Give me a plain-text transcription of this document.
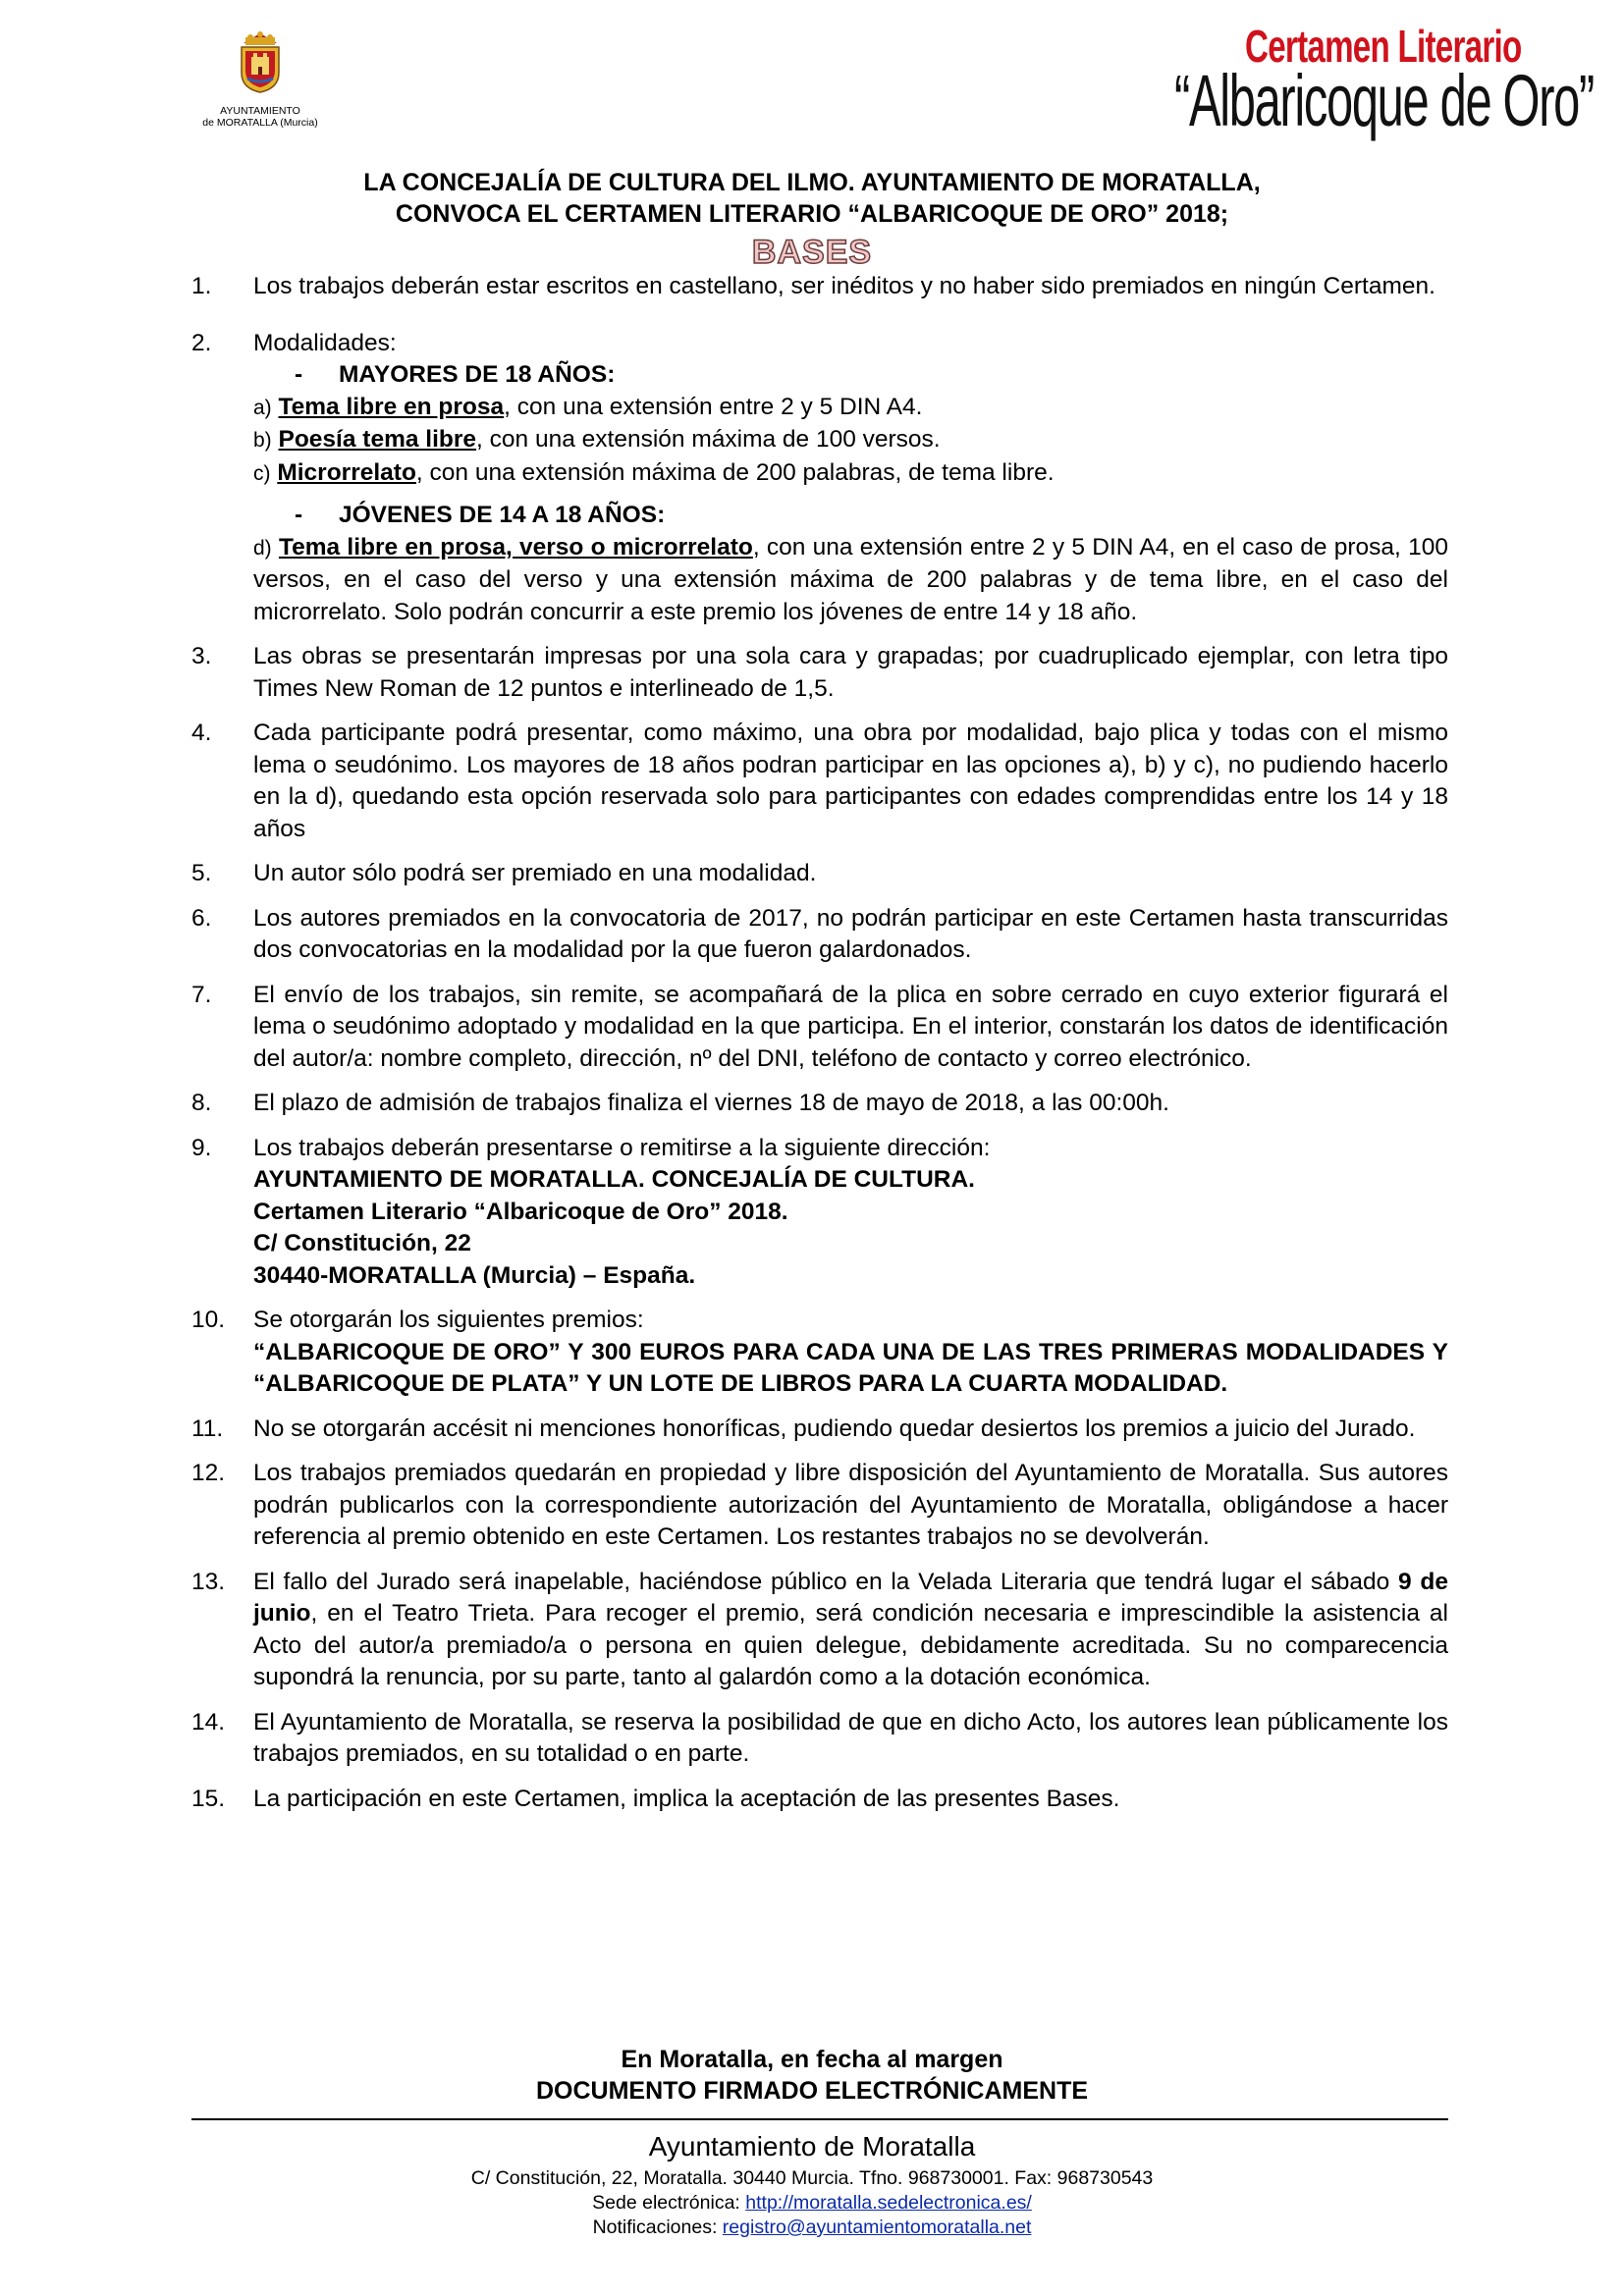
AYUNTAMIENTO
de MORATALLA (Murcia)
Certamen Literario
“Albaricoque de Oro”
LA CONCEJALÍA DE CULTURA DEL ILMO. AYUNTAMIENTO DE MORATALLA,
CONVOCA EL CERTAMEN LITERARIO “ALBARICOQUE DE ORO” 2018;
BASES
1. Los trabajos deberán estar escritos en castellano, ser inéditos y no haber sido premiados en ningún Certamen.
2. Modalidades:
- MAYORES DE 18 AÑOS:
a) Tema libre en prosa, con una extensión entre 2 y 5 DIN A4.
b) Poesía tema libre, con una extensión máxima de 100 versos.
c) Microrrelato, con una extensión máxima de 200 palabras, de tema libre.
- JÓVENES DE 14 A 18 AÑOS:
d) Tema libre en prosa, verso o microrrelato, con una extensión entre 2 y 5 DIN A4, en el caso de prosa, 100 versos, en el caso del verso y una extensión máxima de 200 palabras y de tema libre, en el caso del microrrelato. Solo podrán concurrir a este premio los jóvenes de entre 14 y 18 año.
3. Las obras se presentarán impresas por una sola cara y grapadas; por cuadruplicado ejemplar, con letra tipo Times New Roman de 12 puntos e interlineado de 1,5.
4. Cada participante podrá presentar, como máximo, una obra por modalidad, bajo plica y todas con el mismo lema o seudónimo. Los mayores de 18 años podran participar en las opciones a), b) y c), no pudiendo hacerlo en la d), quedando esta opción reservada solo para participantes con edades comprendidas entre los 14 y 18 años
5. Un autor sólo podrá ser premiado en una modalidad.
6. Los autores premiados en la convocatoria de 2017, no podrán participar en este Certamen hasta transcurridas dos convocatorias en la modalidad por la que fueron galardonados.
7. El envío de los trabajos, sin remite, se acompañará de la plica en sobre cerrado en cuyo exterior figurará el lema o seudónimo adoptado y modalidad en la que participa. En el interior, constarán los datos de identificación del autor/a: nombre completo, dirección, nº del DNI, teléfono de contacto y correo electrónico.
8. El plazo de admisión de trabajos finaliza el viernes 18 de mayo de 2018, a las 00:00h.
9. Los trabajos deberán presentarse o remitirse a la siguiente dirección:
AYUNTAMIENTO DE MORATALLA. CONCEJALÍA DE CULTURA.
Certamen Literario “Albaricoque de Oro” 2018.
C/ Constitución, 22
30440-MORATALLA (Murcia) – España.
10. Se otorgarán los siguientes premios:
“ALBARICOQUE DE ORO” Y 300 EUROS PARA CADA UNA DE LAS TRES PRIMERAS MODALIDADES Y “ALBARICOQUE DE PLATA” Y UN LOTE DE LIBROS PARA LA CUARTA MODALIDAD.
11. No se otorgarán accésit ni menciones honoríficas, pudiendo quedar desiertos los premios a juicio del Jurado.
12. Los trabajos premiados quedarán en propiedad y libre disposición del Ayuntamiento de Moratalla. Sus autores podrán publicarlos con la correspondiente autorización del Ayuntamiento de Moratalla, obligándose a hacer referencia al premio obtenido en este Certamen. Los restantes trabajos no se devolverán.
13. El fallo del Jurado será inapelable, haciéndose público en la Velada Literaria que tendrá lugar el sábado 9 de junio, en el Teatro Trieta. Para recoger el premio, será condición necesaria e imprescindible la asistencia al Acto del autor/a premiado/a o persona en quien delegue, debidamente acreditada. Su no comparecencia supondrá la renuncia, por su parte, tanto al galardón como a la dotación económica.
14. El Ayuntamiento de Moratalla, se reserva la posibilidad de que en dicho Acto, los autores lean públicamente los trabajos premiados, en su totalidad o en parte.
15. La participación en este Certamen, implica la aceptación de las presentes Bases.
En Moratalla, en fecha al margen
DOCUMENTO FIRMADO ELECTRÓNICAMENTE
Ayuntamiento de Moratalla
C/ Constitución, 22, Moratalla. 30440 Murcia. Tfno. 968730001. Fax: 968730543
Sede electrónica: http://moratalla.sedelectronica.es/
Notificaciones: registro@ayuntamientomoratalla.net
